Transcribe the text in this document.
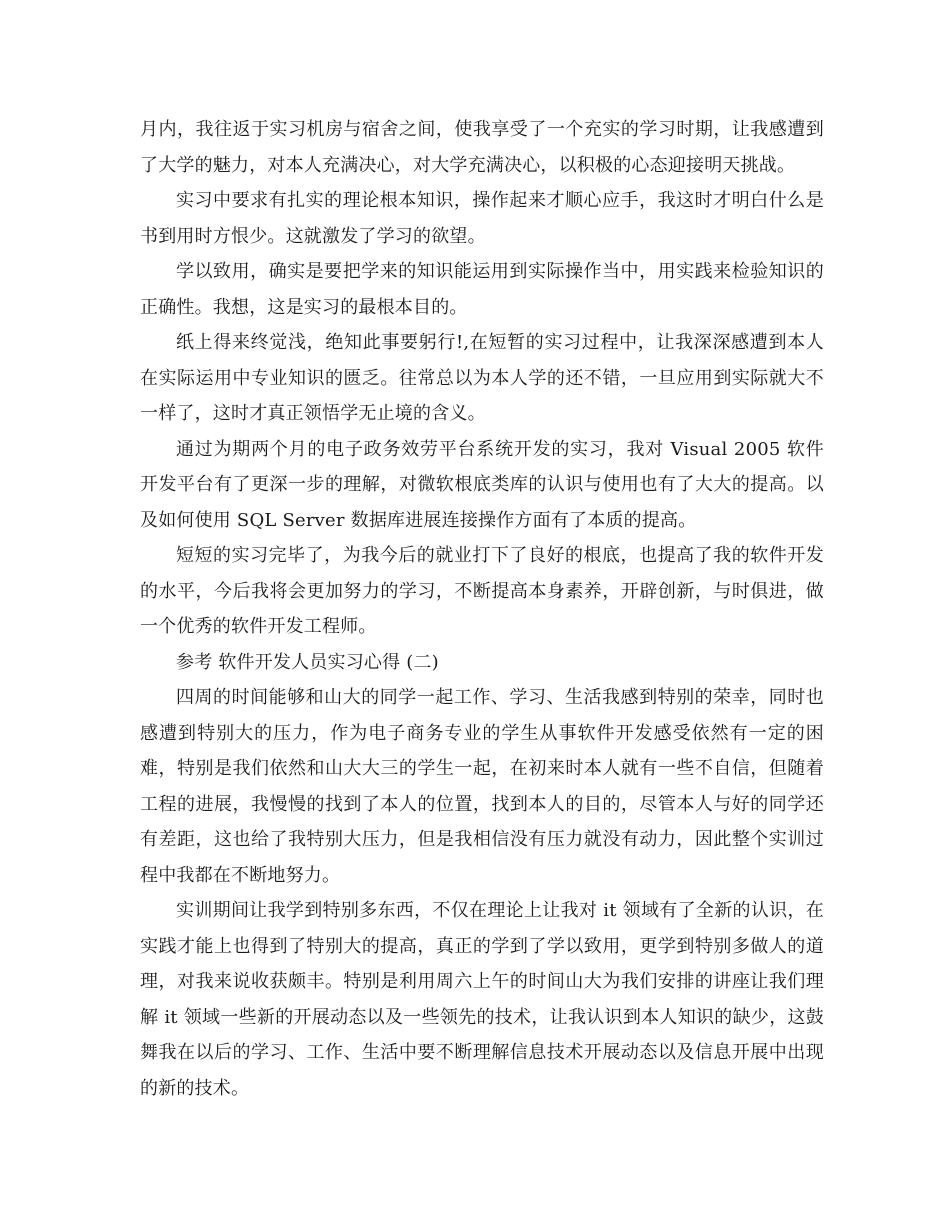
月内，我往返于实习机房与宿舍之间，使我享受了一个充实的学习时期，让我感遭到了大学的魅力，对本人充满决心，对大学充满决心，以积极的心态迎接明天挑战。

实习中要求有扎实的理论根本知识，操作起来才顺心应手，我这时才明白什么是书到用时方恨少。这就激发了学习的欲望。

学以致用，确实是要把学来的知识能运用到实际操作当中，用实践来检验知识的正确性。我想，这是实习的最根本目的。

纸上得来终觉浅，绝知此事要躬行!,在短暂的实习过程中，让我深深感遭到本人在实际运用中专业知识的匮乏。往常总以为本人学的还不错，一旦应用到实际就大不一样了，这时才真正领悟学无止境的含义。

通过为期两个月的电子政务效劳平台系统开发的实习，我对 Visual 2005 软件开发平台有了更深一步的理解，对微软根底类库的认识与使用也有了大大的提高。以及如何使用 SQL Server 数据库进展连接操作方面有了本质的提高。

短短的实习完毕了，为我今后的就业打下了良好的根底，也提高了我的软件开发的水平，今后我将会更加努力的学习，不断提高本身素养，开辟创新，与时俱进，做一个优秀的软件开发工程师。

参考 软件开发人员实习心得 (二)

四周的时间能够和山大的同学一起工作、学习、生活我感到特别的荣幸，同时也感遭到特别大的压力，作为电子商务专业的学生从事软件开发感受依然有一定的困难，特别是我们依然和山大大三的学生一起，在初来时本人就有一些不自信，但随着工程的进展，我慢慢的找到了本人的位置，找到本人的目的，尽管本人与好的同学还有差距，这也给了我特别大压力，但是我相信没有压力就没有动力，因此整个实训过程中我都在不断地努力。

实训期间让我学到特别多东西，不仅在理论上让我对 it 领域有了全新的认识，在实践才能上也得到了特别大的提高，真正的学到了学以致用，更学到特别多做人的道理，对我来说收获颇丰。特别是利用周六上午的时间山大为我们安排的讲座让我们理解 it 领域一些新的开展动态以及一些领先的技术，让我认识到本人知识的缺少，这鼓舞我在以后的学习、工作、生活中要不断理解信息技术开展动态以及信息开展中出现的新的技术。
